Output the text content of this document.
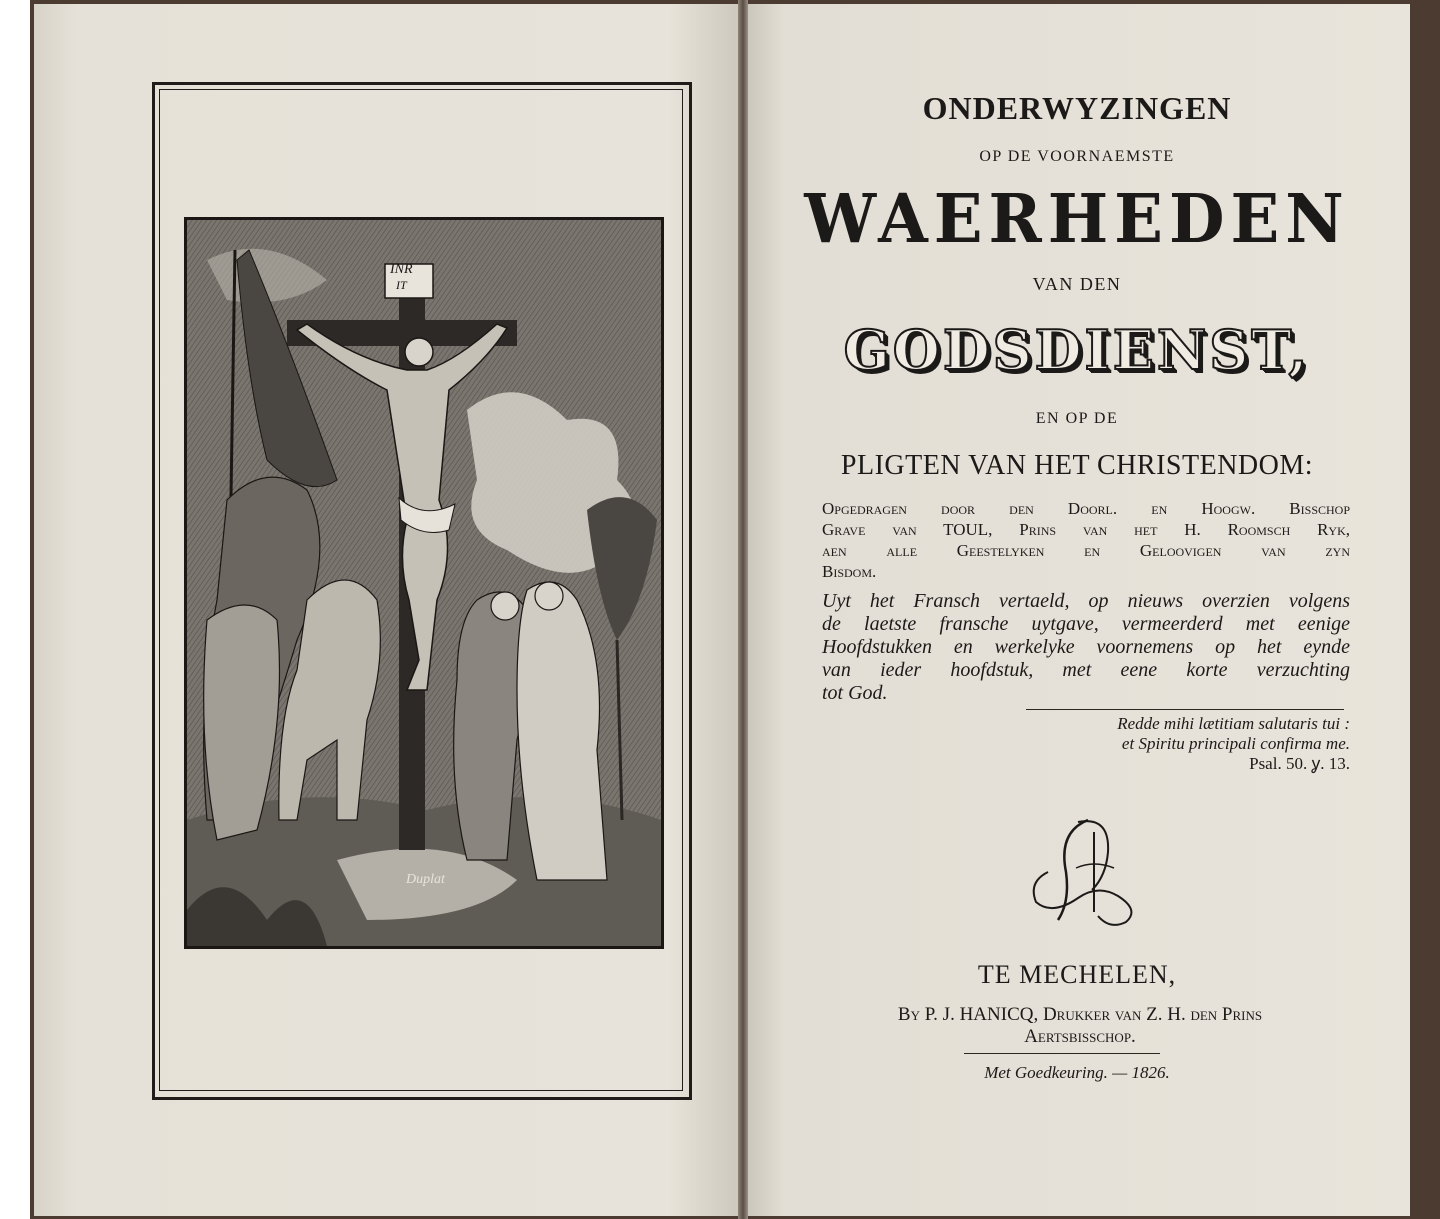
INR
IT
Duplat
ONDERWYZINGEN
OP DE VOORNAEMSTE
WAERHEDEN
VAN DEN
GODSDIENST,
EN OP DE
PLIGTEN VAN HET CHRISTENDOM:
Opgedragen door den Doorl. en Hoogw. Bisschop
Grave van TOUL, Prins van het H. Roomsch Ryk,
aen alle Geestelyken en Geloovigen van zyn
Bisdom.
Uyt het Fransch vertaeld, op nieuws overzien volgens
de laetste fransche uytgave, vermeerderd met eenige
Hoofdstukken en werkelyke voornemens op het eynde
van ieder hoofdstuk, met eene korte verzuchting
tot God.
Redde mihi lætitiam salutaris tui :
et Spiritu principali confirma me.
Psal. 50. ỿ. 13.
TE MECHELEN,
By P. J. HANICQ, Drukker van Z. H. den Prins
Aertsbisschop.
Met Goedkeuring. — 1826.
